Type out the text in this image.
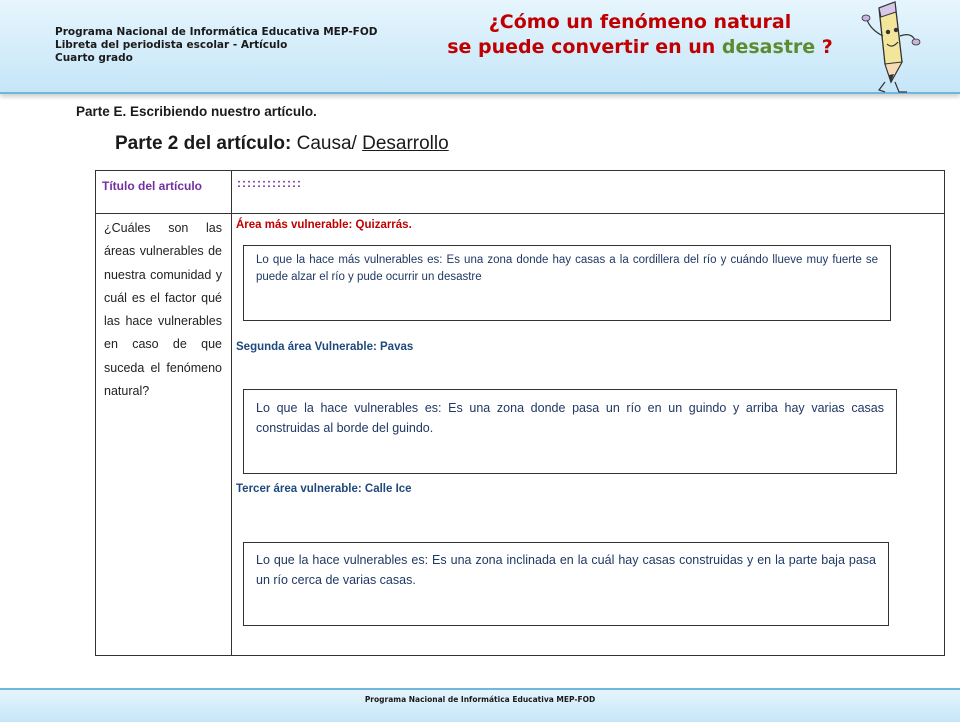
Programa Nacional de Informática Educativa MEP-FOD
Libreta del periodista escolar - Artículo
Cuarto grado
¿Cómo un fenómeno natural
se puede convertir en un desastre ?
Parte E. Escribiendo nuestro artículo.
Parte 2 del artículo: Causa/ Desarrollo
Título del artículo	:::::::::::::
¿Cuáles son las áreas vulnerables de nuestra comunidad y cuál es el factor qué las hace vulnerables en caso de que suceda el fenómeno natural?
Área más vulnerable: Quizarrás.
Lo que la hace más vulnerables es: Es una zona donde hay casas a la cordillera del río y cuándo llueve muy fuerte se puede alzar el río y pude ocurrir un desastre
Segunda área Vulnerable: Pavas
Lo que la hace vulnerables es: Es una zona donde pasa un río en un guindo y arriba hay varias casas construidas al borde del guindo.
Tercer área vulnerable: Calle Ice
Lo que la hace vulnerables es: Es una zona inclinada en la cuál hay casas construidas y en la parte baja pasa un río cerca de varias casas.
Programa Nacional de Informática Educativa MEP-FOD
